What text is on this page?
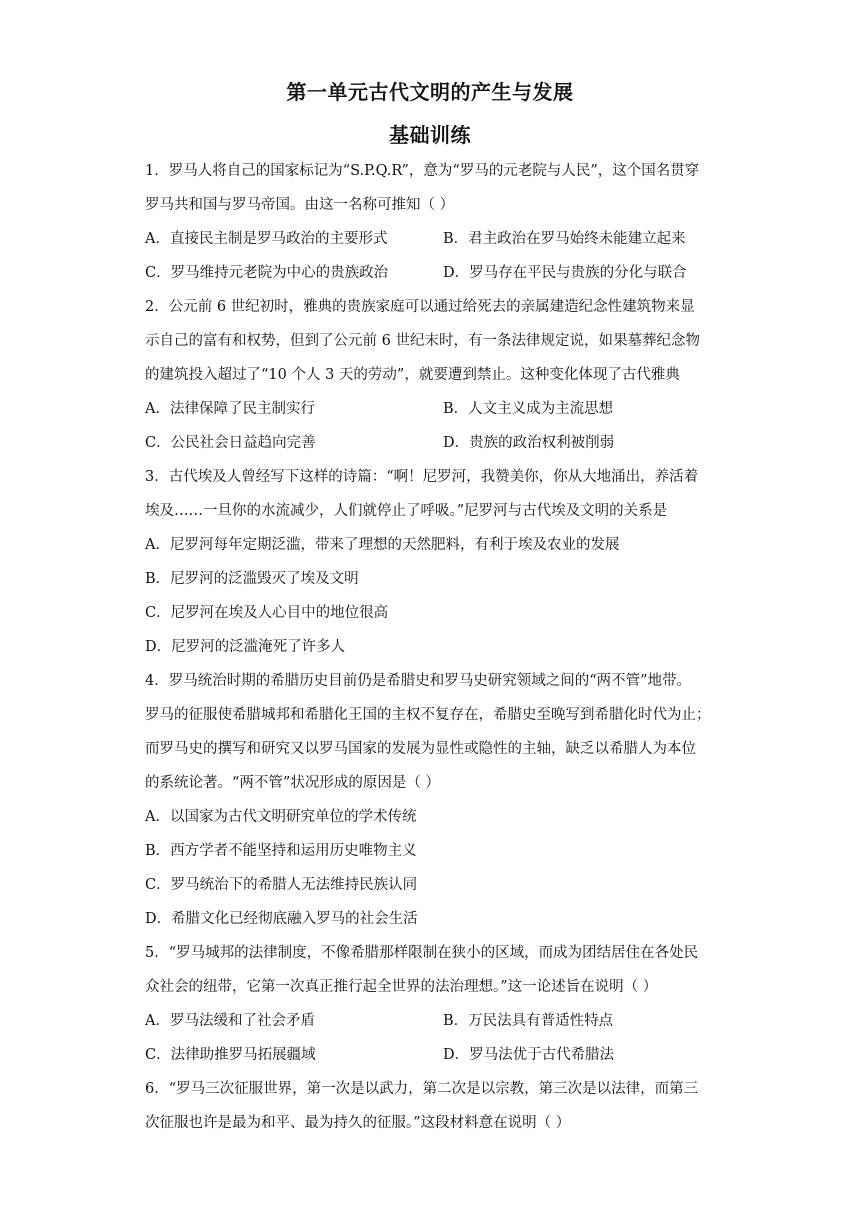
第一单元古代文明的产生与发展
基础训练
1．罗马人将自己的国家标记为“S.P.Q.R”，意为“罗马的元老院与人民”，这个国名贯穿
罗马共和国与罗马帝国。由这一名称可推知（ ）
A．直接民主制是罗马政治的主要形式	B．君主政治在罗马始终未能建立起来
C．罗马维持元老院为中心的贵族政治	D．罗马存在平民与贵族的分化与联合
2．公元前 6 世纪初时，雅典的贵族家庭可以通过给死去的亲属建造纪念性建筑物来显
示自己的富有和权势，但到了公元前 6 世纪末时，有一条法律规定说，如果墓葬纪念物
的建筑投入超过了“10 个人 3 天的劳动”，就要遭到禁止。这种变化体现了古代雅典
A．法律保障了民主制实行	B．人文主义成为主流思想
C．公民社会日益趋向完善	D．贵族的政治权利被削弱
3．古代埃及人曾经写下这样的诗篇：“啊！尼罗河，我赞美你，你从大地涌出，养活着
埃及……一旦你的水流减少，人们就停止了呼吸。”尼罗河与古代埃及文明的关系是
A．尼罗河每年定期泛滥，带来了理想的天然肥料，有利于埃及农业的发展
B．尼罗河的泛滥毁灭了埃及文明
C．尼罗河在埃及人心目中的地位很高
D．尼罗河的泛滥淹死了许多人
4．罗马统治时期的希腊历史目前仍是希腊史和罗马史研究领域之间的“两不管”地带。
罗马的征服使希腊城邦和希腊化王国的主权不复存在，希腊史至晚写到希腊化时代为止；
而罗马史的撰写和研究又以罗马国家的发展为显性或隐性的主轴，缺乏以希腊人为本位
的系统论著。“两不管”状况形成的原因是（ ）
A．以国家为古代文明研究单位的学术传统
B．西方学者不能坚持和运用历史唯物主义
C．罗马统治下的希腊人无法维持民族认同
D．希腊文化已经彻底融入罗马的社会生活
5．“罗马城邦的法律制度，不像希腊那样限制在狭小的区域，而成为团结居住在各处民
众社会的纽带，它第一次真正推行起全世界的法治理想。”这一论述旨在说明（ ）
A．罗马法缓和了社会矛盾	B．万民法具有普适性特点
C．法律助推罗马拓展疆域	D．罗马法优于古代希腊法
6．“罗马三次征服世界，第一次是以武力，第二次是以宗教，第三次是以法律，而第三
次征服也许是最为和平、最为持久的征服。”这段材料意在说明（ ）
